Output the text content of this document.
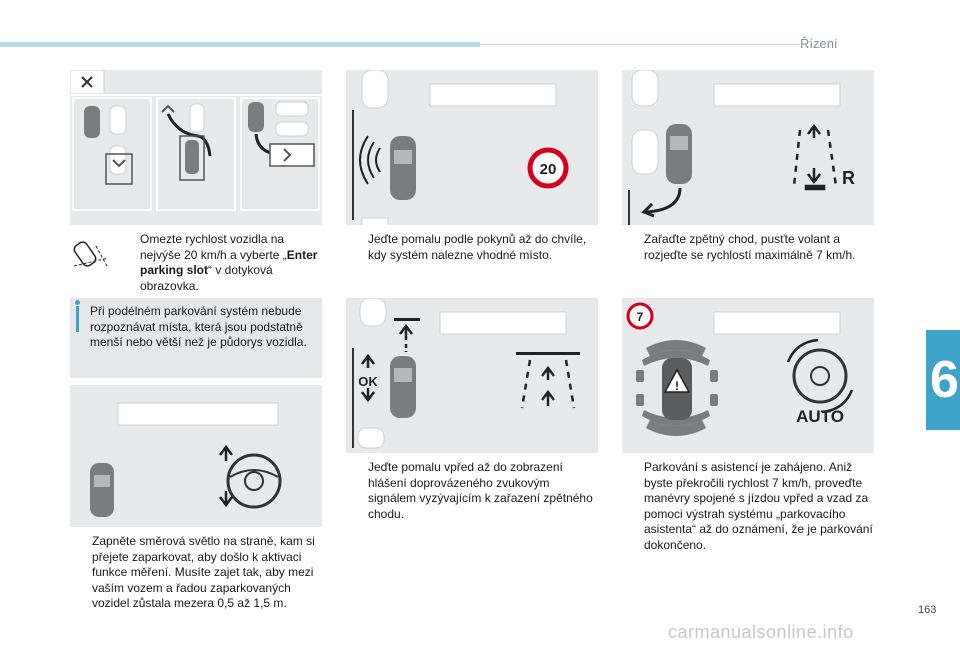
Řízení
6
Omezte rychlost vozidla na nejvýše 20 km/h a vyberte „Enter parking slot“ v dotyková obrazovka.
Při podélném parkování systém nebude rozpoznávat místa, která jsou podstatně menší nebo větší než je půdorys vozidla.
Zapněte směrová světlo na straně, kam si přejete zaparkovat, aby došlo k aktivaci funkce měření. Musíte zajet tak, aby mezi vaším vozem a řadou zaparkovaných vozidel zůstala mezera 0,5 až 1,5 m.
20
Jeďte pomalu podle pokynů až do chvíle, kdy systém nalezne vhodné místo.
OK
Jeďte pomalu vpřed až do zobrazení hlášení doprovázeného zvukovým signálem vyzývajícím k zařazení zpětného chodu.
R
Zařaďte zpětný chod, pusťte volant a rozjeďte se rychlostí maximálně 7 km/h.
7
!
AUTO
Parkování s asistencí je zahájeno. Aniž byste překročili rychlost 7 km/h, proveďte manévry spojené s jízdou vpřed a vzad za pomoci výstrah systému „parkovacího asistenta“ až do oznámení, že je parkování dokončeno.
163
carmanualsonline.info
